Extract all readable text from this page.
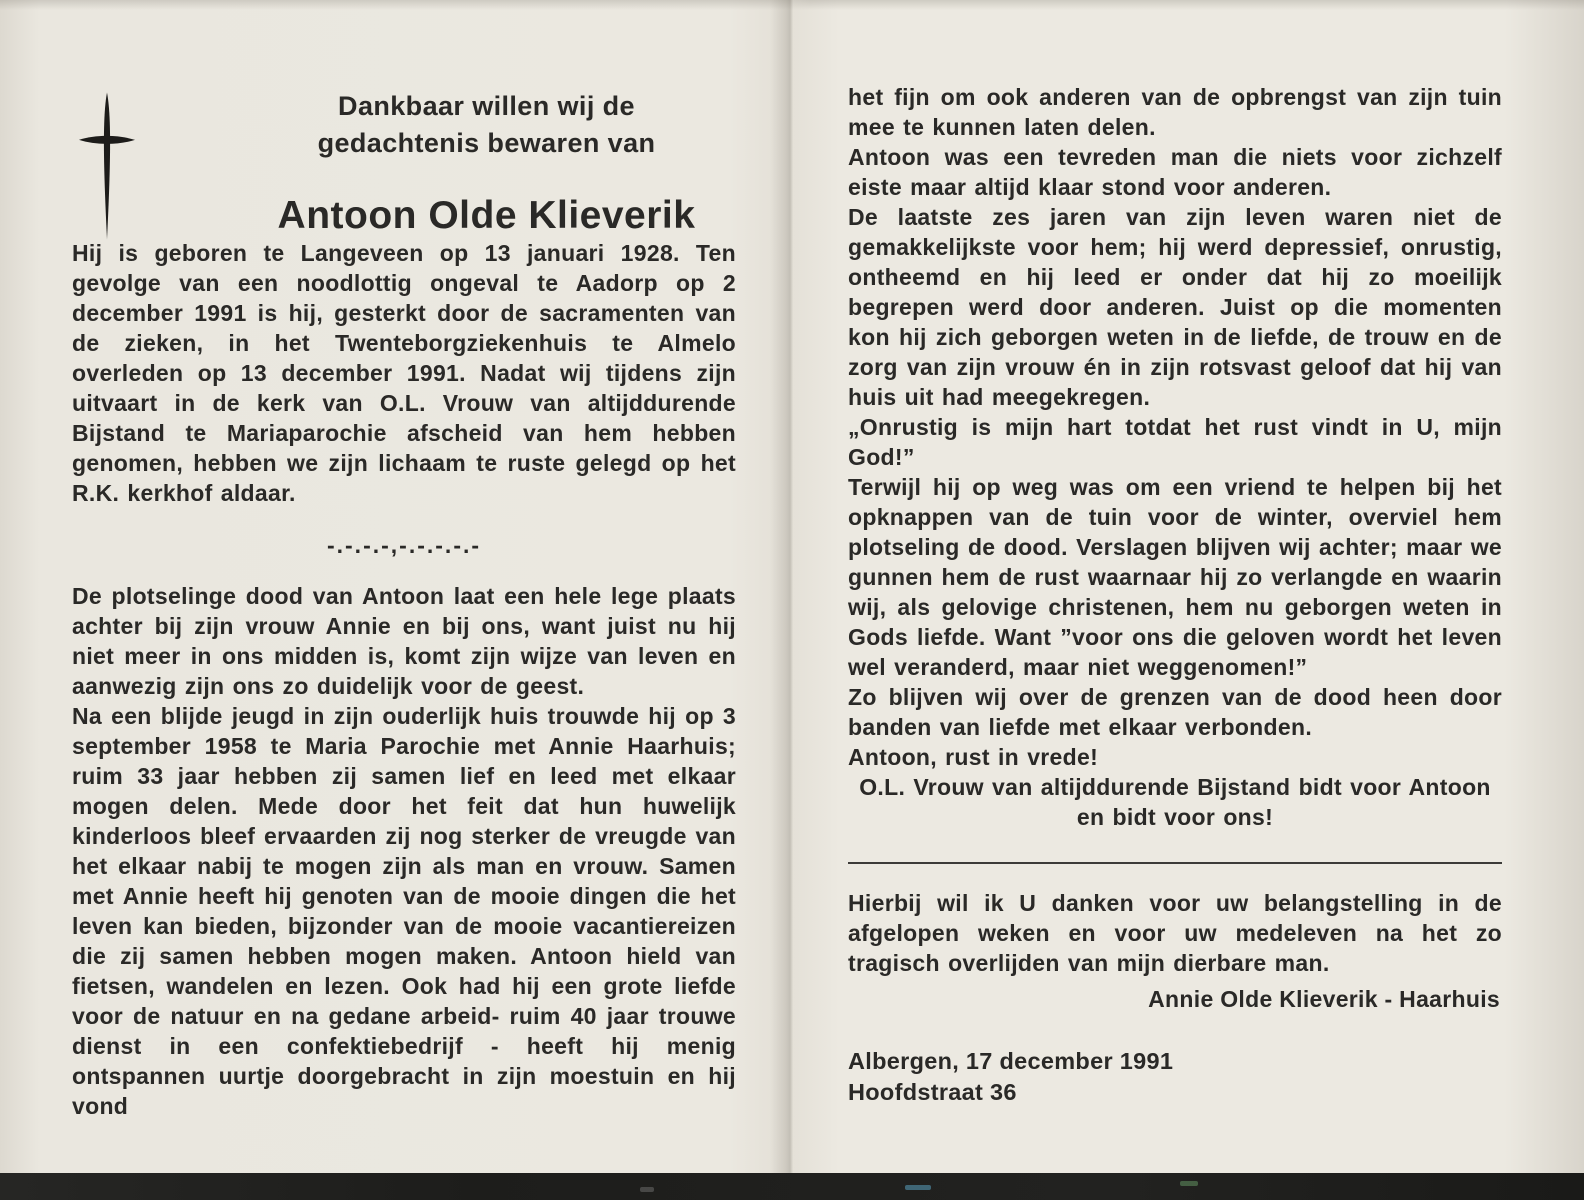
Dankbaar willen wij de
gedachtenis bewaren van
Antoon Olde Klieverik

Hij is geboren te Langeveen op 13 januari 1928. Ten gevolge van een noodlottig ongeval te Aadorp op 2 december 1991 is hij, gesterkt door de sacramenten van de zieken, in het Twenteborgziekenhuis te Almelo overleden op 13 december 1991. Nadat wij tijdens zijn uitvaart in de kerk van O.L. Vrouw van altijddurende Bijstand te Mariaparochie afscheid van hem hebben genomen, hebben we zijn lichaam te ruste gelegd op het R.K. kerkhof aldaar.

-.-.-.-,-.-.-.-.-

De plotselinge dood van Antoon laat een hele lege plaats achter bij zijn vrouw Annie en bij ons, want juist nu hij niet meer in ons midden is, komt zijn wijze van leven en aanwezig zijn ons zo duidelijk voor de geest.

Na een blijde jeugd in zijn ouderlijk huis trouwde hij op 3 september 1958 te Maria Parochie met Annie Haarhuis; ruim 33 jaar hebben zij samen lief en leed met elkaar mogen delen. Mede door het feit dat hun huwelijk kinderloos bleef ervaarden zij nog sterker de vreugde van het elkaar nabij te mogen zijn als man en vrouw. Samen met Annie heeft hij genoten van de mooie dingen die het leven kan bieden, bijzonder van de mooie vacantiereizen die zij samen hebben mogen maken. Antoon hield van fietsen, wandelen en lezen. Ook had hij een grote liefde voor de natuur en na gedane arbeid- ruim 40 jaar trouwe dienst in een confektiebedrijf - heeft hij menig ontspannen uurtje doorgebracht in zijn moestuin en hij vond

het fijn om ook anderen van de opbrengst van zijn tuin mee te kunnen laten delen.

Antoon was een tevreden man die niets voor zichzelf eiste maar altijd klaar stond voor anderen.

De laatste zes jaren van zijn leven waren niet de gemakkelijkste voor hem; hij werd depressief, onrustig, ontheemd en hij leed er onder dat hij zo moeilijk begrepen werd door anderen. Juist op die momenten kon hij zich geborgen weten in de liefde, de trouw en de zorg van zijn vrouw én in zijn rotsvast geloof dat hij van huis uit had meegekregen.

„Onrustig is mijn hart totdat het rust vindt in U, mijn God!”

Terwijl hij op weg was om een vriend te helpen bij het opknappen van de tuin voor de winter, overviel hem plotseling de dood. Verslagen blijven wij achter; maar we gunnen hem de rust waarnaar hij zo verlangde en waarin wij, als gelovige christenen, hem nu geborgen weten in Gods liefde. Want ”voor ons die geloven wordt het leven wel veranderd, maar niet weggenomen!”

Zo blijven wij over de grenzen van de dood heen door banden van liefde met elkaar verbonden.

Antoon, rust in vrede!

O.L. Vrouw van altijddurende Bijstand bidt voor Antoon en bidt voor ons!

Hierbij wil ik U danken voor uw belangstelling in de afgelopen weken en voor uw medeleven na het zo tragisch overlijden van mijn dierbare man.

Annie Olde Klieverik - Haarhuis
Albergen, 17 december 1991
Hoofdstraat 36
